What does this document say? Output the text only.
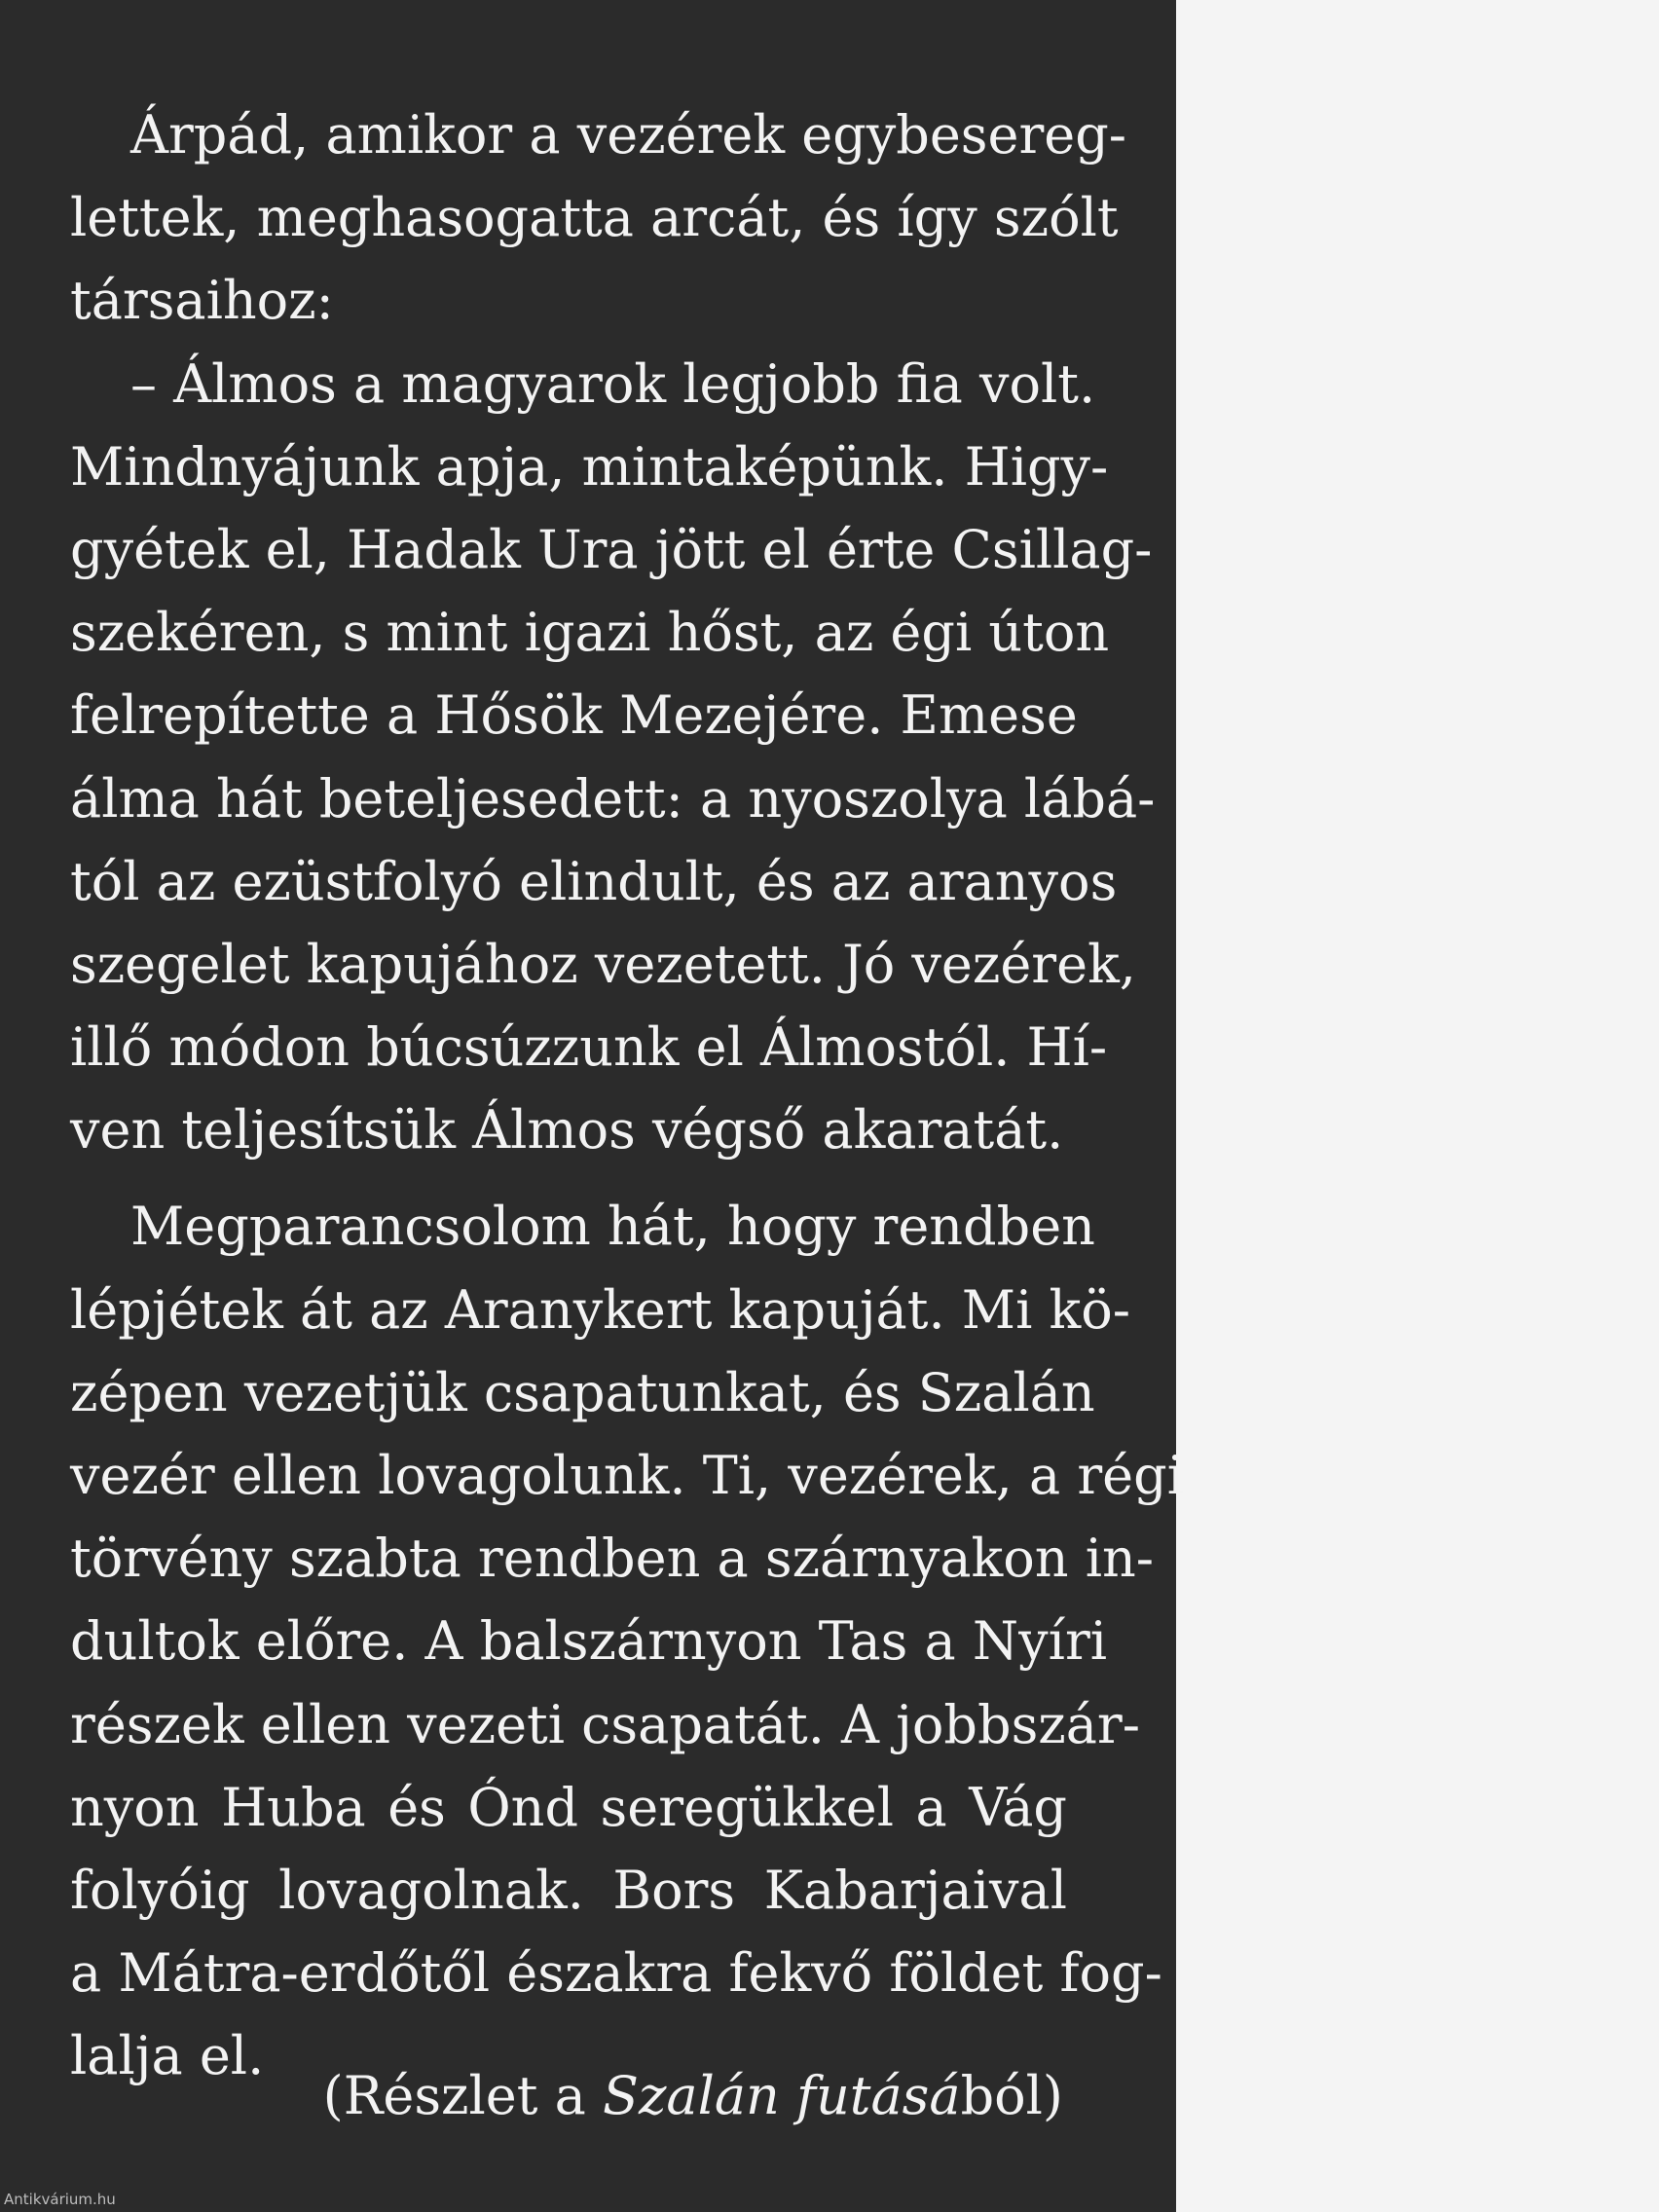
Árpád, amikor a vezérek egybesereg-
lettek, meghasogatta arcát, és így szólt
társaihoz:
– Álmos a magyarok legjobb fia volt.
Mindnyájunk apja, mintaképünk. Higy-
gyétek el, Hadak Ura jött el érte Csillag-
szekéren, s mint igazi hőst, az égi úton
felrepítette a Hősök Mezejére. Emese
álma hát beteljesedett: a nyoszolya lábá-
tól az ezüstfolyó elindult, és az aranyos
szegelet kapujához vezetett. Jó vezérek,
illő módon búcsúzzunk el Álmostól. Hí-
ven teljesítsük Álmos végső akaratát.
Megparancsolom hát, hogy rendben
lépjétek át az Aranykert kapuját. Mi kö-
zépen vezetjük csapatunkat, és Szalán
vezér ellen lovagolunk. Ti, vezérek, a régi
törvény szabta rendben a szárnyakon in-
dultok előre. A balszárnyon Tas a Nyíri
részek ellen vezeti csapatát. A jobbszár-
nyon Huba és Ónd seregükkel a Vág
folyóig lovagolnak. Bors Kabarjaival
a Mátra-erdőtől északra fekvő földet fog-
lalja el.
(Részlet a Szalán futásából)
Antikvárium.hu
